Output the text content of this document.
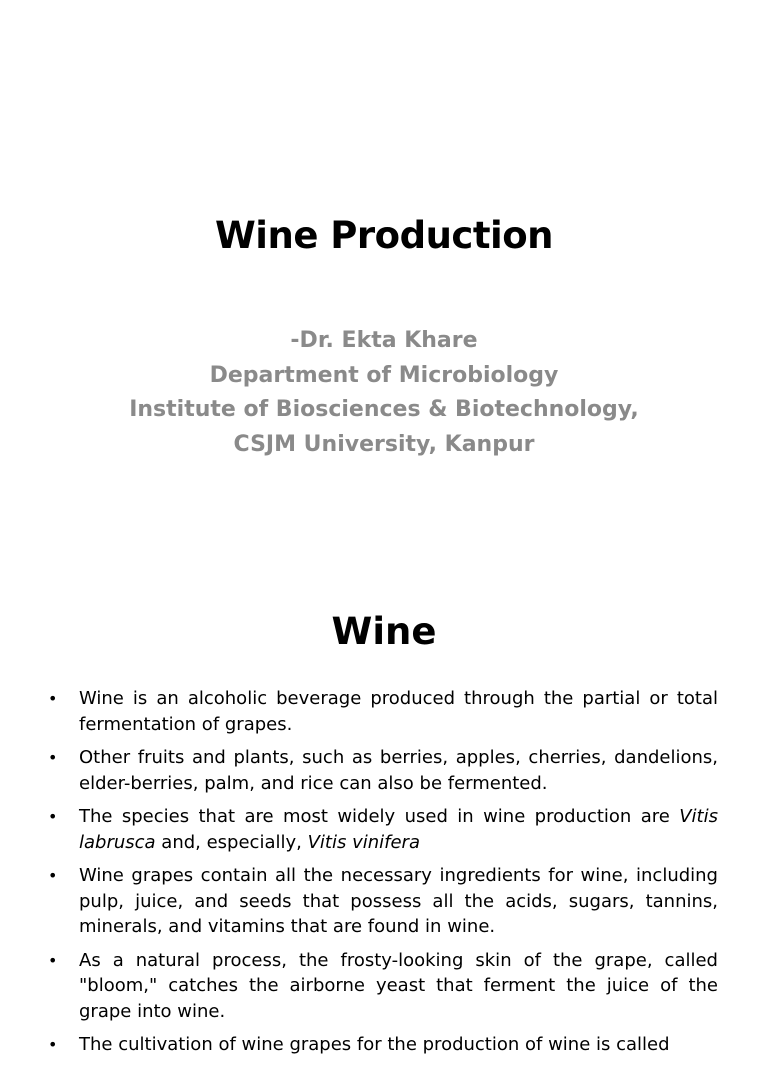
Wine Production
-Dr. Ekta Khare
Department of Microbiology
Institute of Biosciences & Biotechnology,
CSJM University, Kanpur
Wine
• Wine is an alcoholic beverage produced through the partial or total fermentation of grapes.
• Other fruits and plants, such as berries, apples, cherries, dandelions, elder-berries, palm, and rice can also be fermented.
• The species that are most widely used in wine production are Vitis labrusca and, especially, Vitis vinifera
• Wine grapes contain all the necessary ingredients for wine, including pulp, juice, and seeds that possess all the acids, sugars, tannins, minerals, and vitamins that are found in wine.
• As a natural process, the frosty-looking skin of the grape, called "bloom," catches the airborne yeast that ferment the juice of the grape into wine.
• The cultivation of wine grapes for the production of wine is called
